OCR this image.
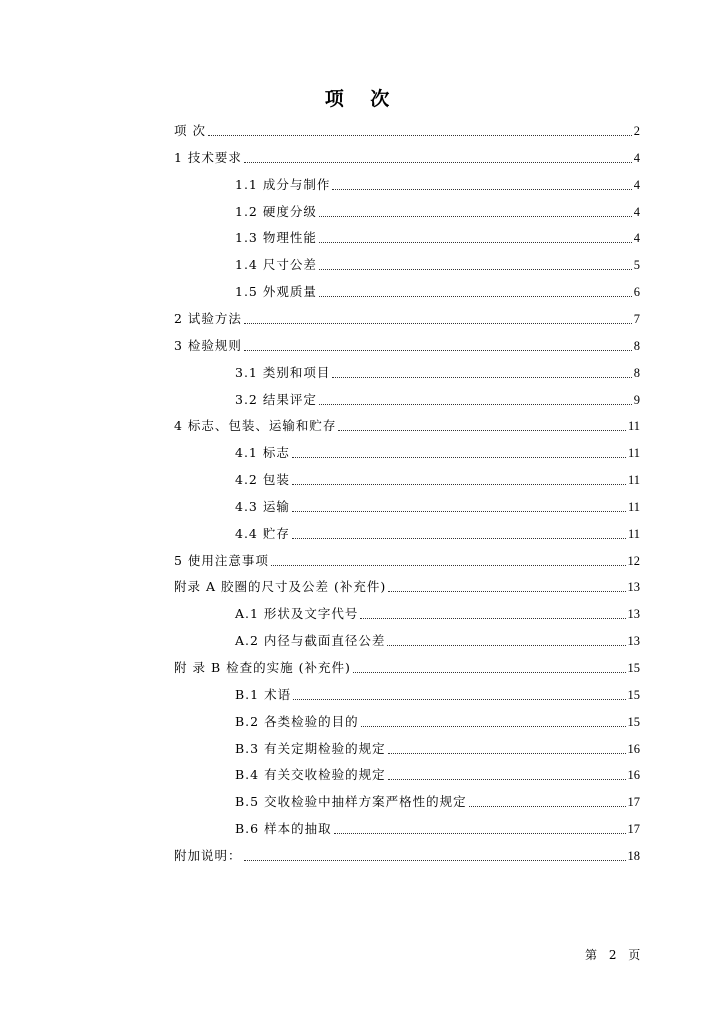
项 次
项 次	2
1 技术要求	4
1.1 成分与制作	4
1.2 硬度分级	4
1.3 物理性能	4
1.4 尺寸公差	5
1.5 外观质量	6
2 试验方法	7
3 检验规则	8
3.1 类别和项目	8
3.2 结果评定	9
4 标志、包装、运输和贮存	11
4.1 标志	11
4.2 包装	11
4.3 运输	11
4.4 贮存	11
5 使用注意事项	12
附录 A 胶圈的尺寸及公差 (补充件)	13
A.1 形状及文字代号	13
A.2 内径与截面直径公差	13
附 录 B 检查的实施 (补充件)	15
B.1 术语	15
B.2 各类检验的目的	15
B.3 有关定期检验的规定	16
B.4 有关交收检验的规定	16
B.5 交收检验中抽样方案严格性的规定	17
B.6 样本的抽取	17
附加说明：	18
第 2 页
